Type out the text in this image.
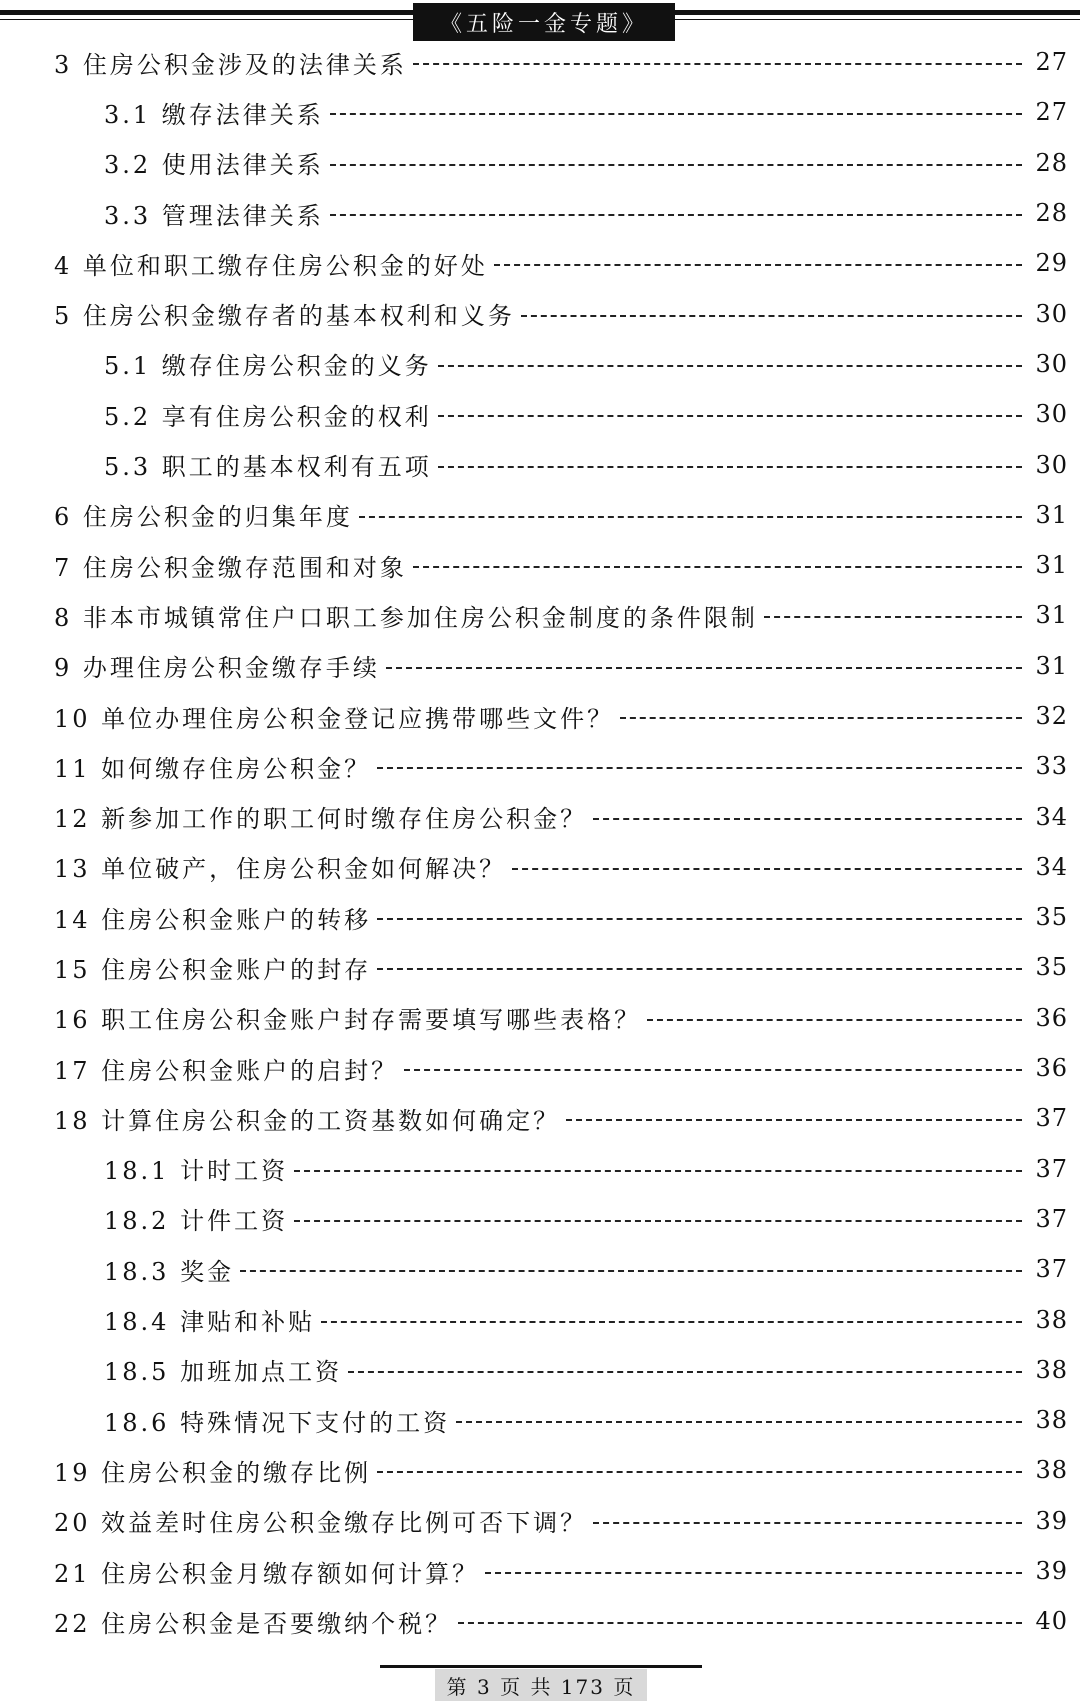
《五险一金专题》
3 住房公积金涉及的法律关系	27
3.1 缴存法律关系	27
3.2 使用法律关系	28
3.3 管理法律关系	28
4 单位和职工缴存住房公积金的好处	29
5 住房公积金缴存者的基本权利和义务	30
5.1 缴存住房公积金的义务	30
5.2 享有住房公积金的权利	30
5.3 职工的基本权利有五项	30
6 住房公积金的归集年度	31
7 住房公积金缴存范围和对象	31
8 非本市城镇常住户口职工参加住房公积金制度的条件限制	31
9 办理住房公积金缴存手续	31
10 单位办理住房公积金登记应携带哪些文件？	32
11 如何缴存住房公积金？	33
12 新参加工作的职工何时缴存住房公积金？	34
13 单位破产，住房公积金如何解决？	34
14 住房公积金账户的转移	35
15 住房公积金账户的封存	35
16 职工住房公积金账户封存需要填写哪些表格？	36
17 住房公积金账户的启封？	36
18 计算住房公积金的工资基数如何确定？	37
18.1 计时工资	37
18.2 计件工资	37
18.3 奖金	37
18.4 津贴和补贴	38
18.5 加班加点工资	38
18.6 特殊情况下支付的工资	38
19 住房公积金的缴存比例	38
20 效益差时住房公积金缴存比例可否下调？	39
21 住房公积金月缴存额如何计算？	39
22 住房公积金是否要缴纳个税？	40
第 3 页 共 173 页
